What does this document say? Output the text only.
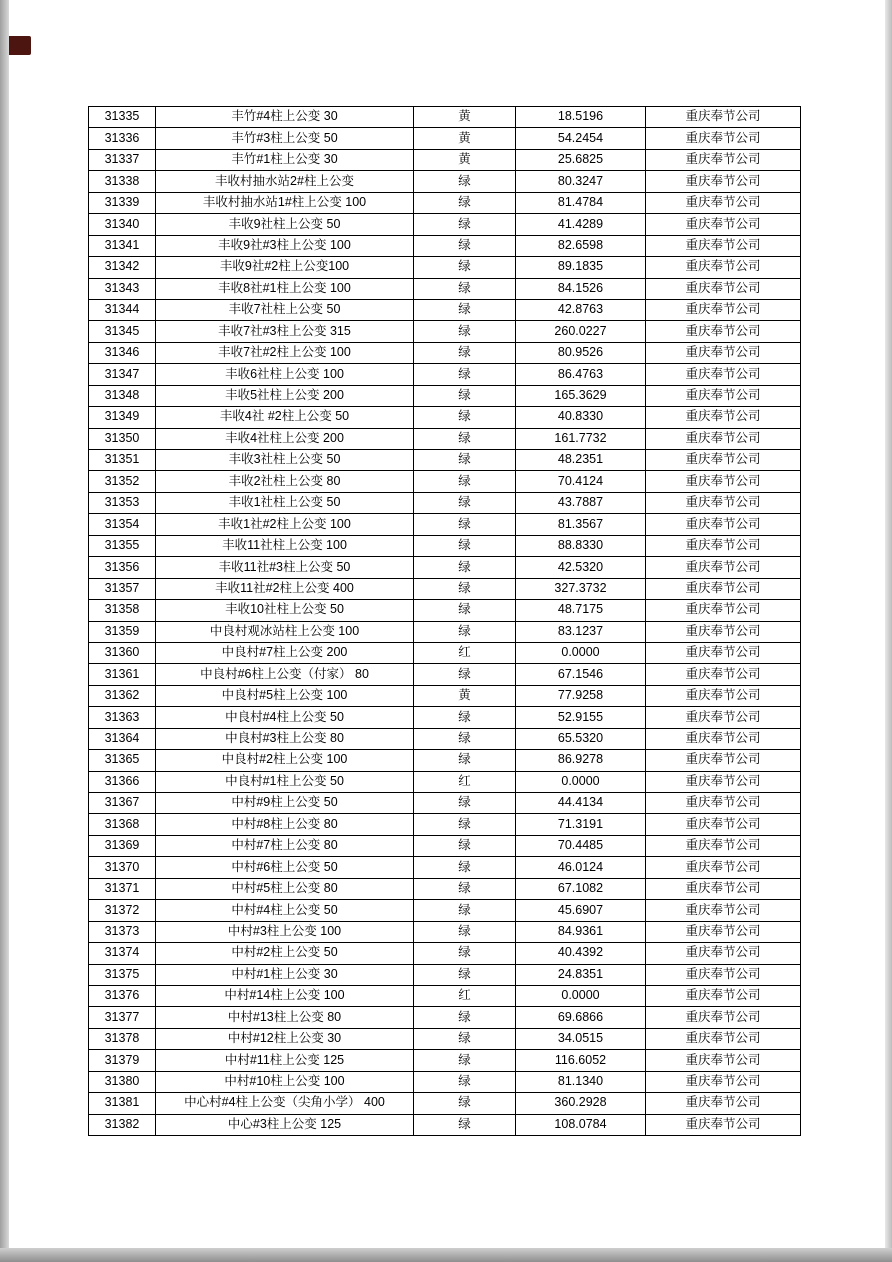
31335	丰竹#4柱上公变 30	黄	18.5196	重庆奉节公司
31336	丰竹#3柱上公变 50	黄	54.2454	重庆奉节公司
31337	丰竹#1柱上公变 30	黄	25.6825	重庆奉节公司
31338	丰收村抽水站2#柱上公变	绿	80.3247	重庆奉节公司
31339	丰收村抽水站1#柱上公变 100	绿	81.4784	重庆奉节公司
31340	丰收9社柱上公变 50	绿	41.4289	重庆奉节公司
31341	丰收9社#3柱上公变 100	绿	82.6598	重庆奉节公司
31342	丰收9社#2柱上公变100	绿	89.1835	重庆奉节公司
31343	丰收8社#1柱上公变 100	绿	84.1526	重庆奉节公司
31344	丰收7社柱上公变 50	绿	42.8763	重庆奉节公司
31345	丰收7社#3柱上公变 315	绿	260.0227	重庆奉节公司
31346	丰收7社#2柱上公变 100	绿	80.9526	重庆奉节公司
31347	丰收6社柱上公变 100	绿	86.4763	重庆奉节公司
31348	丰收5社柱上公变 200	绿	165.3629	重庆奉节公司
31349	丰收4社 #2柱上公变 50	绿	40.8330	重庆奉节公司
31350	丰收4社柱上公变 200	绿	161.7732	重庆奉节公司
31351	丰收3社柱上公变 50	绿	48.2351	重庆奉节公司
31352	丰收2社柱上公变 80	绿	70.4124	重庆奉节公司
31353	丰收1社柱上公变 50	绿	43.7887	重庆奉节公司
31354	丰收1社#2柱上公变 100	绿	81.3567	重庆奉节公司
31355	丰收11社柱上公变 100	绿	88.8330	重庆奉节公司
31356	丰收11社#3柱上公变 50	绿	42.5320	重庆奉节公司
31357	丰收11社#2柱上公变 400	绿	327.3732	重庆奉节公司
31358	丰收10社柱上公变 50	绿	48.7175	重庆奉节公司
31359	中良村观冰站柱上公变 100	绿	83.1237	重庆奉节公司
31360	中良村#7柱上公变 200	红	0.0000	重庆奉节公司
31361	中良村#6柱上公变（付家） 80	绿	67.1546	重庆奉节公司
31362	中良村#5柱上公变 100	黄	77.9258	重庆奉节公司
31363	中良村#4柱上公变 50	绿	52.9155	重庆奉节公司
31364	中良村#3柱上公变 80	绿	65.5320	重庆奉节公司
31365	中良村#2柱上公变 100	绿	86.9278	重庆奉节公司
31366	中良村#1柱上公变 50	红	0.0000	重庆奉节公司
31367	中村#9柱上公变 50	绿	44.4134	重庆奉节公司
31368	中村#8柱上公变 80	绿	71.3191	重庆奉节公司
31369	中村#7柱上公变 80	绿	70.4485	重庆奉节公司
31370	中村#6柱上公变 50	绿	46.0124	重庆奉节公司
31371	中村#5柱上公变 80	绿	67.1082	重庆奉节公司
31372	中村#4柱上公变 50	绿	45.6907	重庆奉节公司
31373	中村#3柱上公变 100	绿	84.9361	重庆奉节公司
31374	中村#2柱上公变 50	绿	40.4392	重庆奉节公司
31375	中村#1柱上公变 30	绿	24.8351	重庆奉节公司
31376	中村#14柱上公变 100	红	0.0000	重庆奉节公司
31377	中村#13柱上公变 80	绿	69.6866	重庆奉节公司
31378	中村#12柱上公变 30	绿	34.0515	重庆奉节公司
31379	中村#11柱上公变 125	绿	116.6052	重庆奉节公司
31380	中村#10柱上公变 100	绿	81.1340	重庆奉节公司
31381	中心村#4柱上公变（尖角小学） 400	绿	360.2928	重庆奉节公司
31382	中心#3柱上公变 125	绿	108.0784	重庆奉节公司
